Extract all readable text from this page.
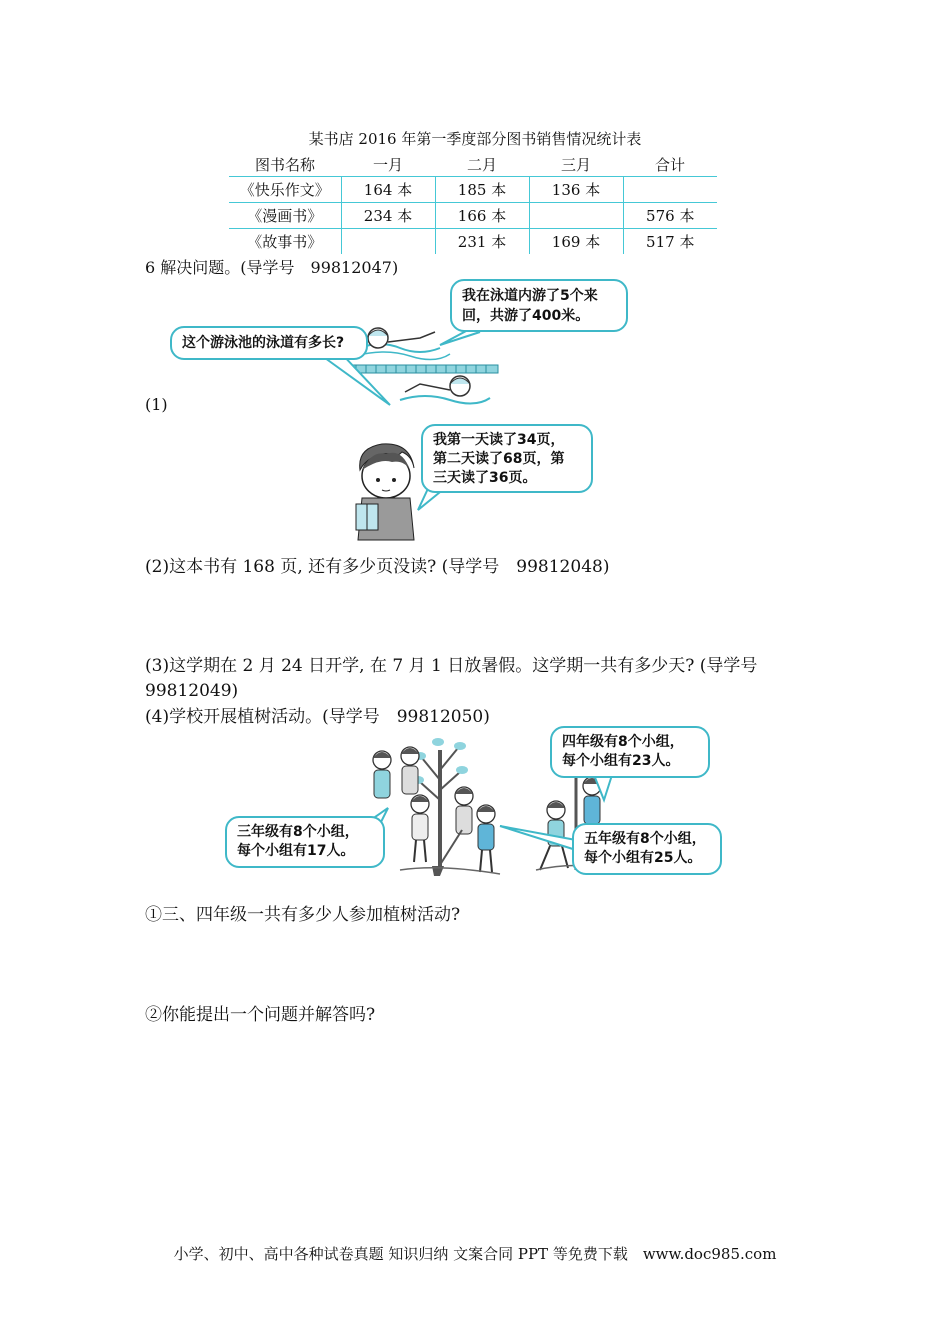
某书店 2016 年第一季度部分图书销售情况统计表
图书名称	一月	二月	三月	合计
《快乐作文》	164 本	185 本	136 本	
《漫画书》	234 本	166 本		576 本
《故事书》		231 本	169 本	517 本
6 解决问题。(导学号　99812047)
这个游泳池的泳道有多长?
我在泳道内游了5个来
回，共游了400米。
(1)
我第一天读了34页，
第二天读了68页，第
三天读了36页。
(2)这本书有 168 页, 还有多少页没读? (导学号　99812048)
(3)这学期在 2 月 24 日开学, 在 7 月 1 日放暑假。这学期一共有多少天? (导学号
99812049)
(4)学校开展植树活动。(导学号　99812050)
四年级有8个小组，
每个小组有23人。
三年级有8个小组，
每个小组有17人。
五年级有8个小组，
每个小组有25人。
①三、四年级一共有多少人参加植树活动?
②你能提出一个问题并解答吗?
小学、初中、高中各种试卷真题 知识归纳 文案合同 PPT 等免费下载　www.doc985.com
